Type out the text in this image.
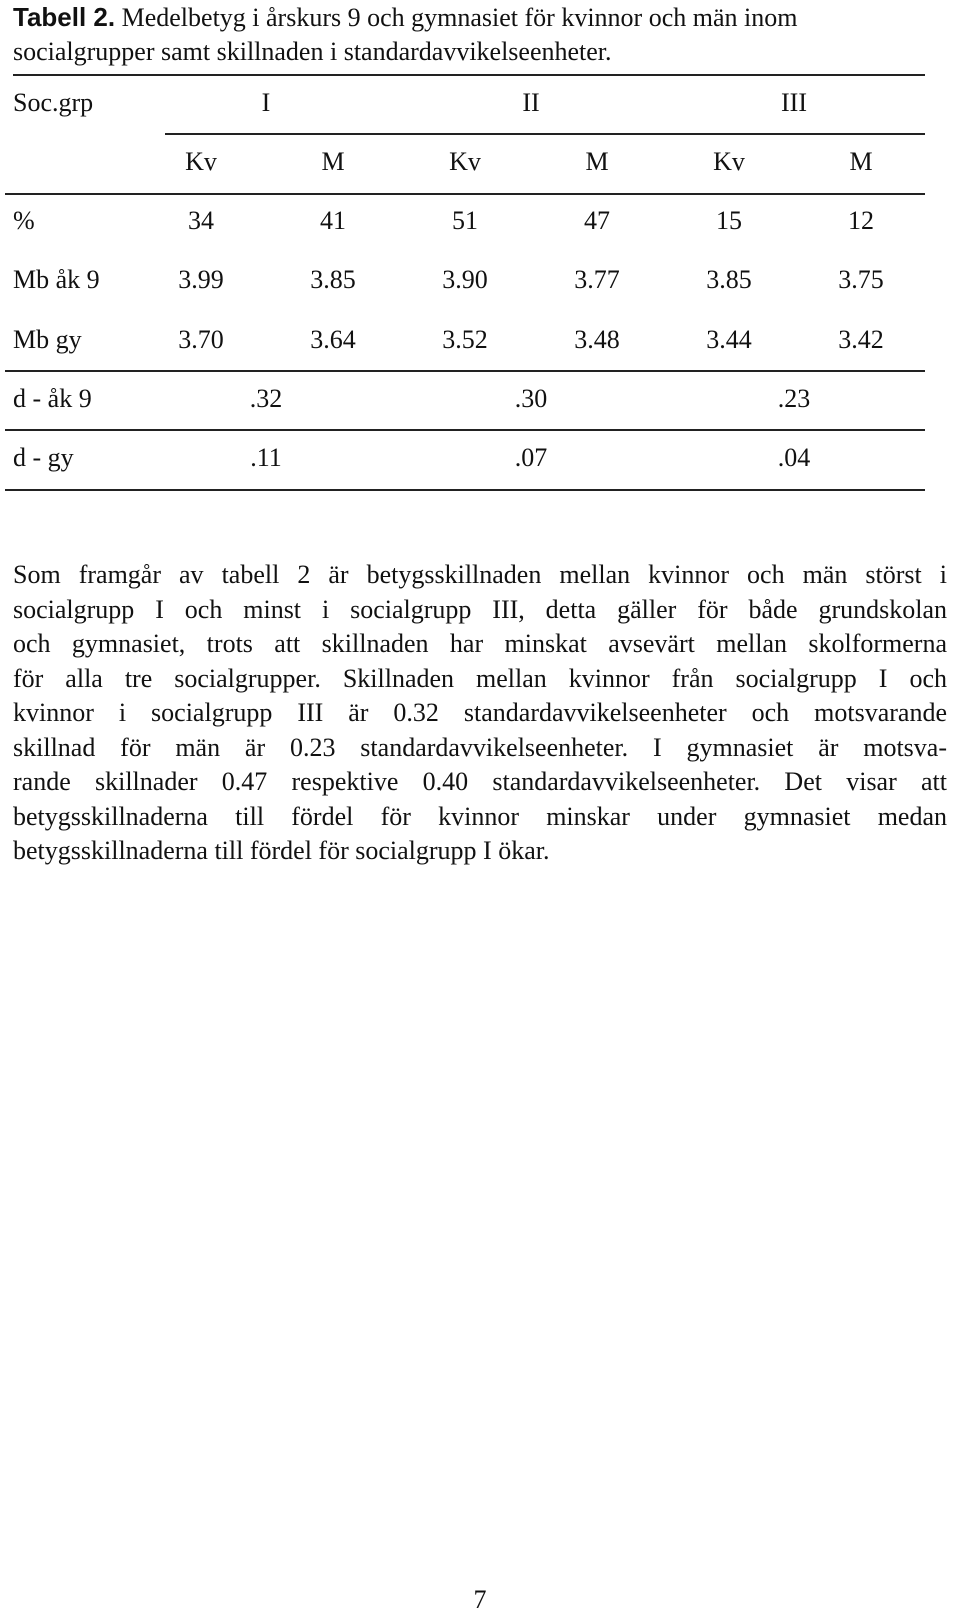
Tabell 2. Medelbetyg i årskurs 9 och gymnasiet för kvinnor och män inom
socialgrupper samt skillnaden i standardavvikelseenheter.

Soc.grp	I	II	III
Kv	M	Kv	M	Kv	M
%	34	41	51	47	15	12
Mb åk 9	3.99	3.85	3.90	3.77	3.85	3.75
Mb gy	3.70	3.64	3.52	3.48	3.44	3.42
d - åk 9	.32	.30	.23
d - gy	.11	.07	.04

Som framgår av tabell 2 är betygsskillnaden mellan kvinnor och män störst i
socialgrupp I och minst i socialgrupp III, detta gäller för både grundskolan
och gymnasiet, trots att skillnaden har minskat avsevärt mellan skolformerna
för alla tre socialgrupper. Skillnaden mellan kvinnor från socialgrupp I och
kvinnor i socialgrupp III är 0.32 standardavvikelseenheter och motsvarande
skillnad för män är 0.23 standardavvikelseenheter. I gymnasiet är motsva-
rande skillnader 0.47 respektive 0.40 standardavvikelseenheter. Det visar att
betygsskillnaderna till fördel för kvinnor minskar under gymnasiet medan
betygsskillnaderna till fördel för socialgrupp I ökar.

7
